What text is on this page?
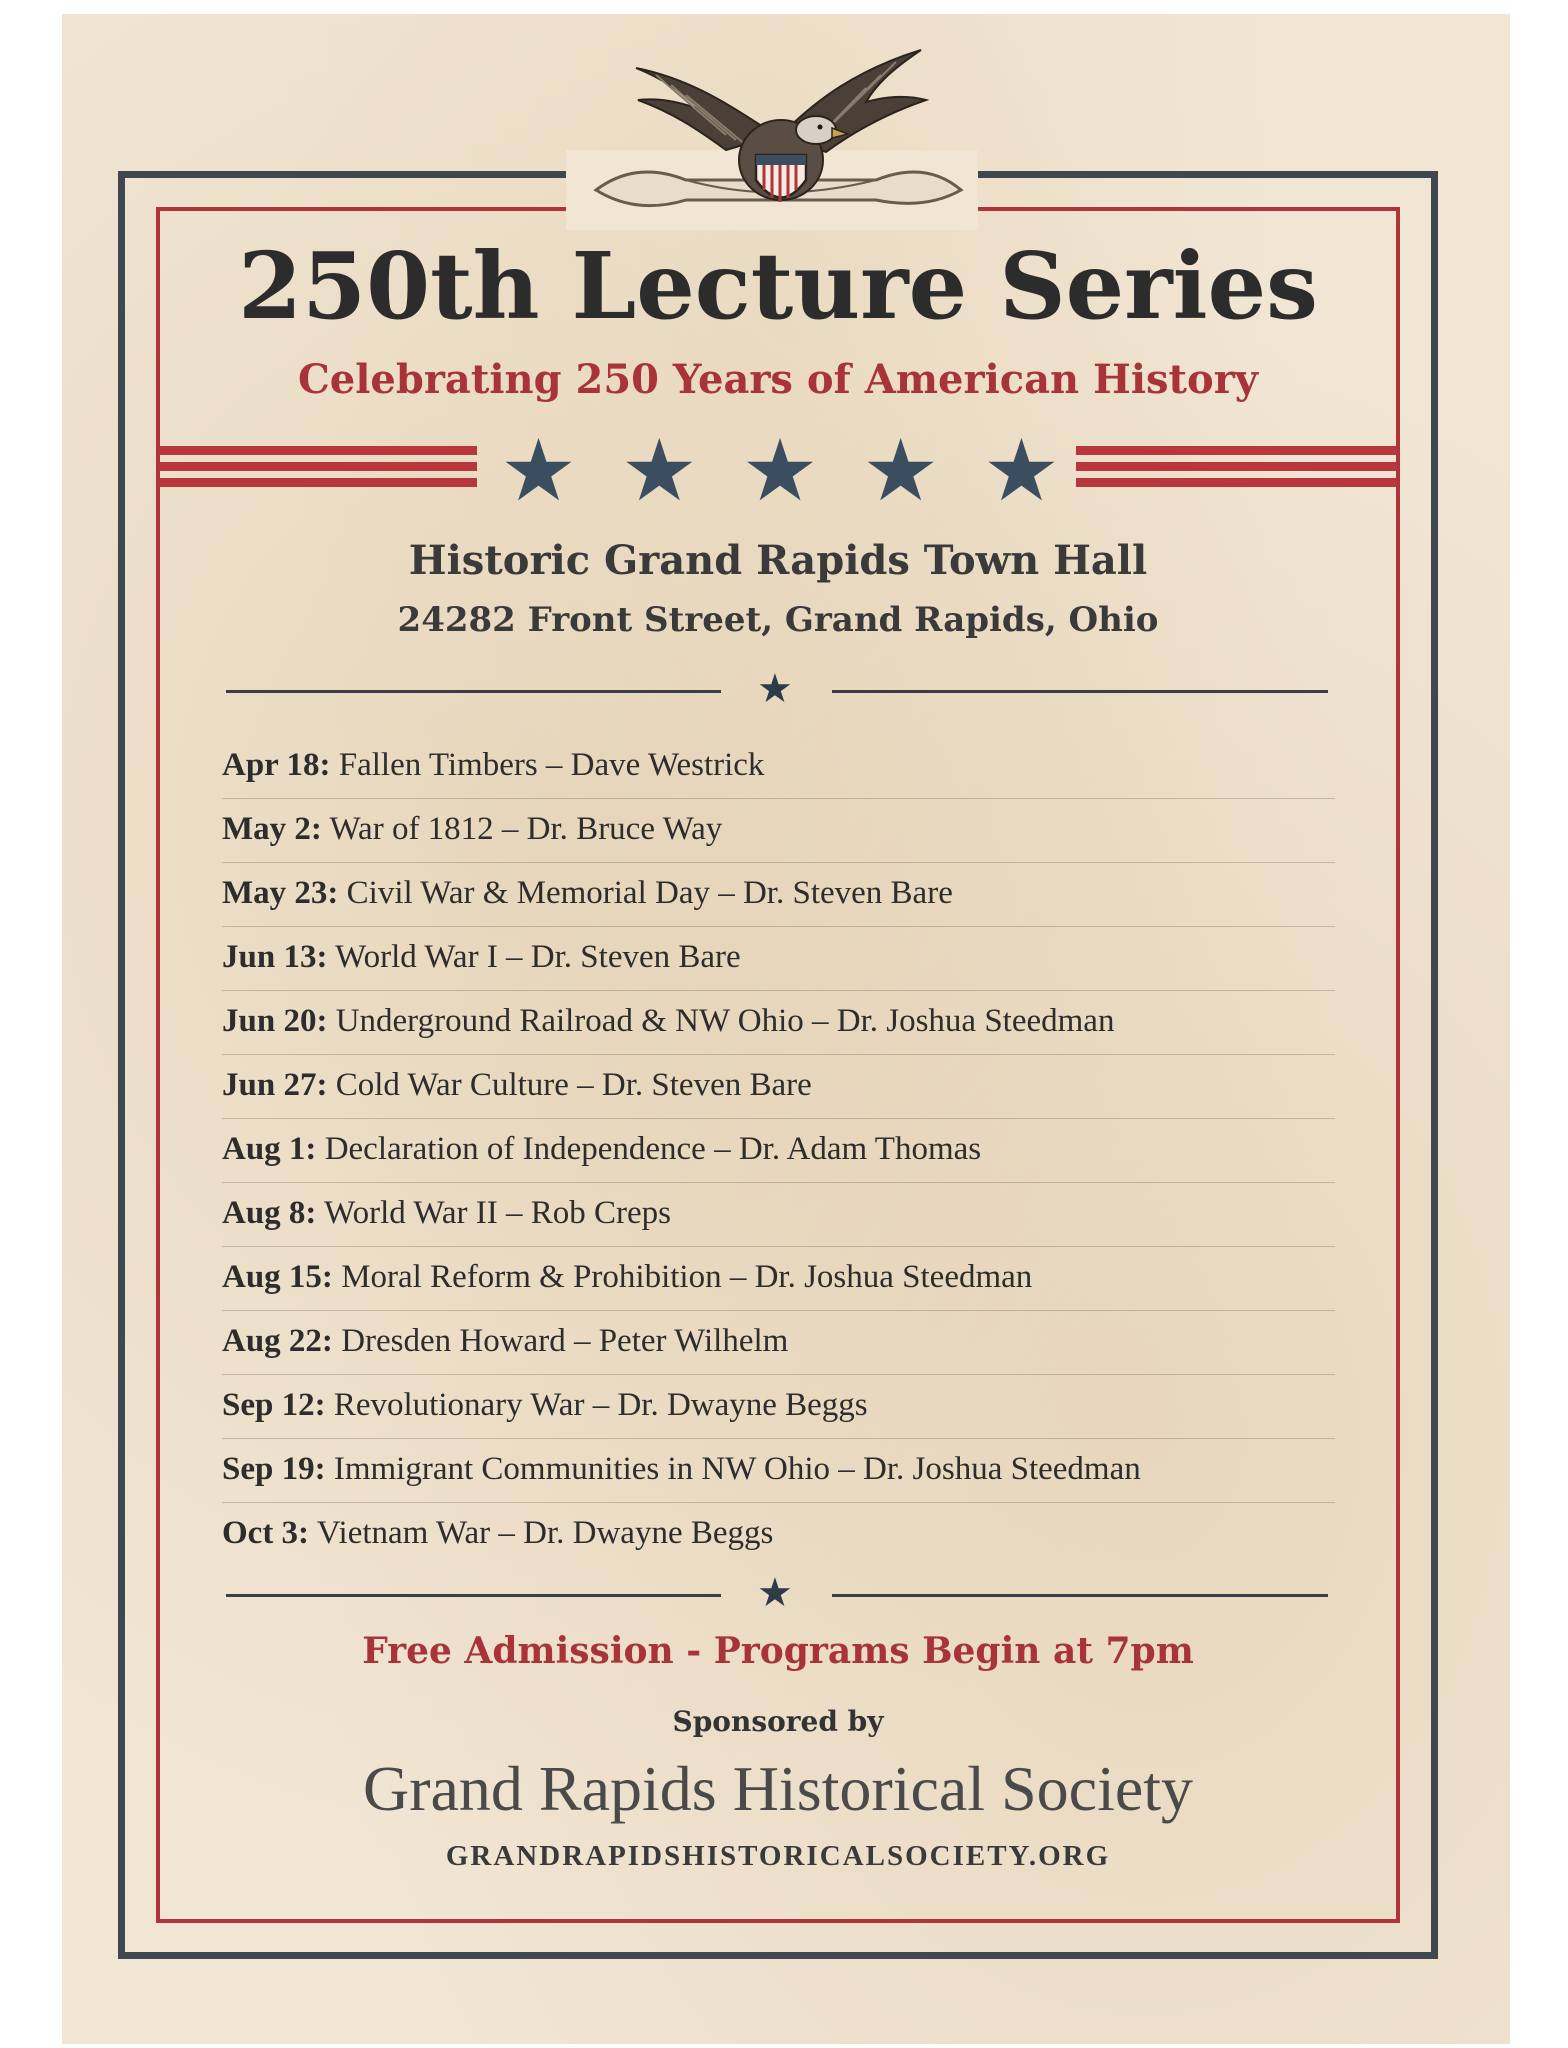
250th Lecture Series
Celebrating 250 Years of American History
★ ★ ★ ★ ★
Historic Grand Rapids Town Hall
24282 Front Street, Grand Rapids, Ohio
★
Apr 18: Fallen Timbers – Dave Westrick
May 2: War of 1812 – Dr. Bruce Way
May 23: Civil War & Memorial Day – Dr. Steven Bare
Jun 13: World War I – Dr. Steven Bare
Jun 20: Underground Railroad & NW Ohio – Dr. Joshua Steedman
Jun 27: Cold War Culture – Dr. Steven Bare
Aug 1: Declaration of Independence – Dr. Adam Thomas
Aug 8: World War II – Rob Creps
Aug 15: Moral Reform & Prohibition – Dr. Joshua Steedman
Aug 22: Dresden Howard – Peter Wilhelm
Sep 12: Revolutionary War – Dr. Dwayne Beggs
Sep 19: Immigrant Communities in NW Ohio – Dr. Joshua Steedman
Oct 3: Vietnam War – Dr. Dwayne Beggs
★
Free Admission - Programs Begin at 7pm
Sponsored by
Grand Rapids Historical Society
GRANDRAPIDSHISTORICALSOCIETY.ORG
